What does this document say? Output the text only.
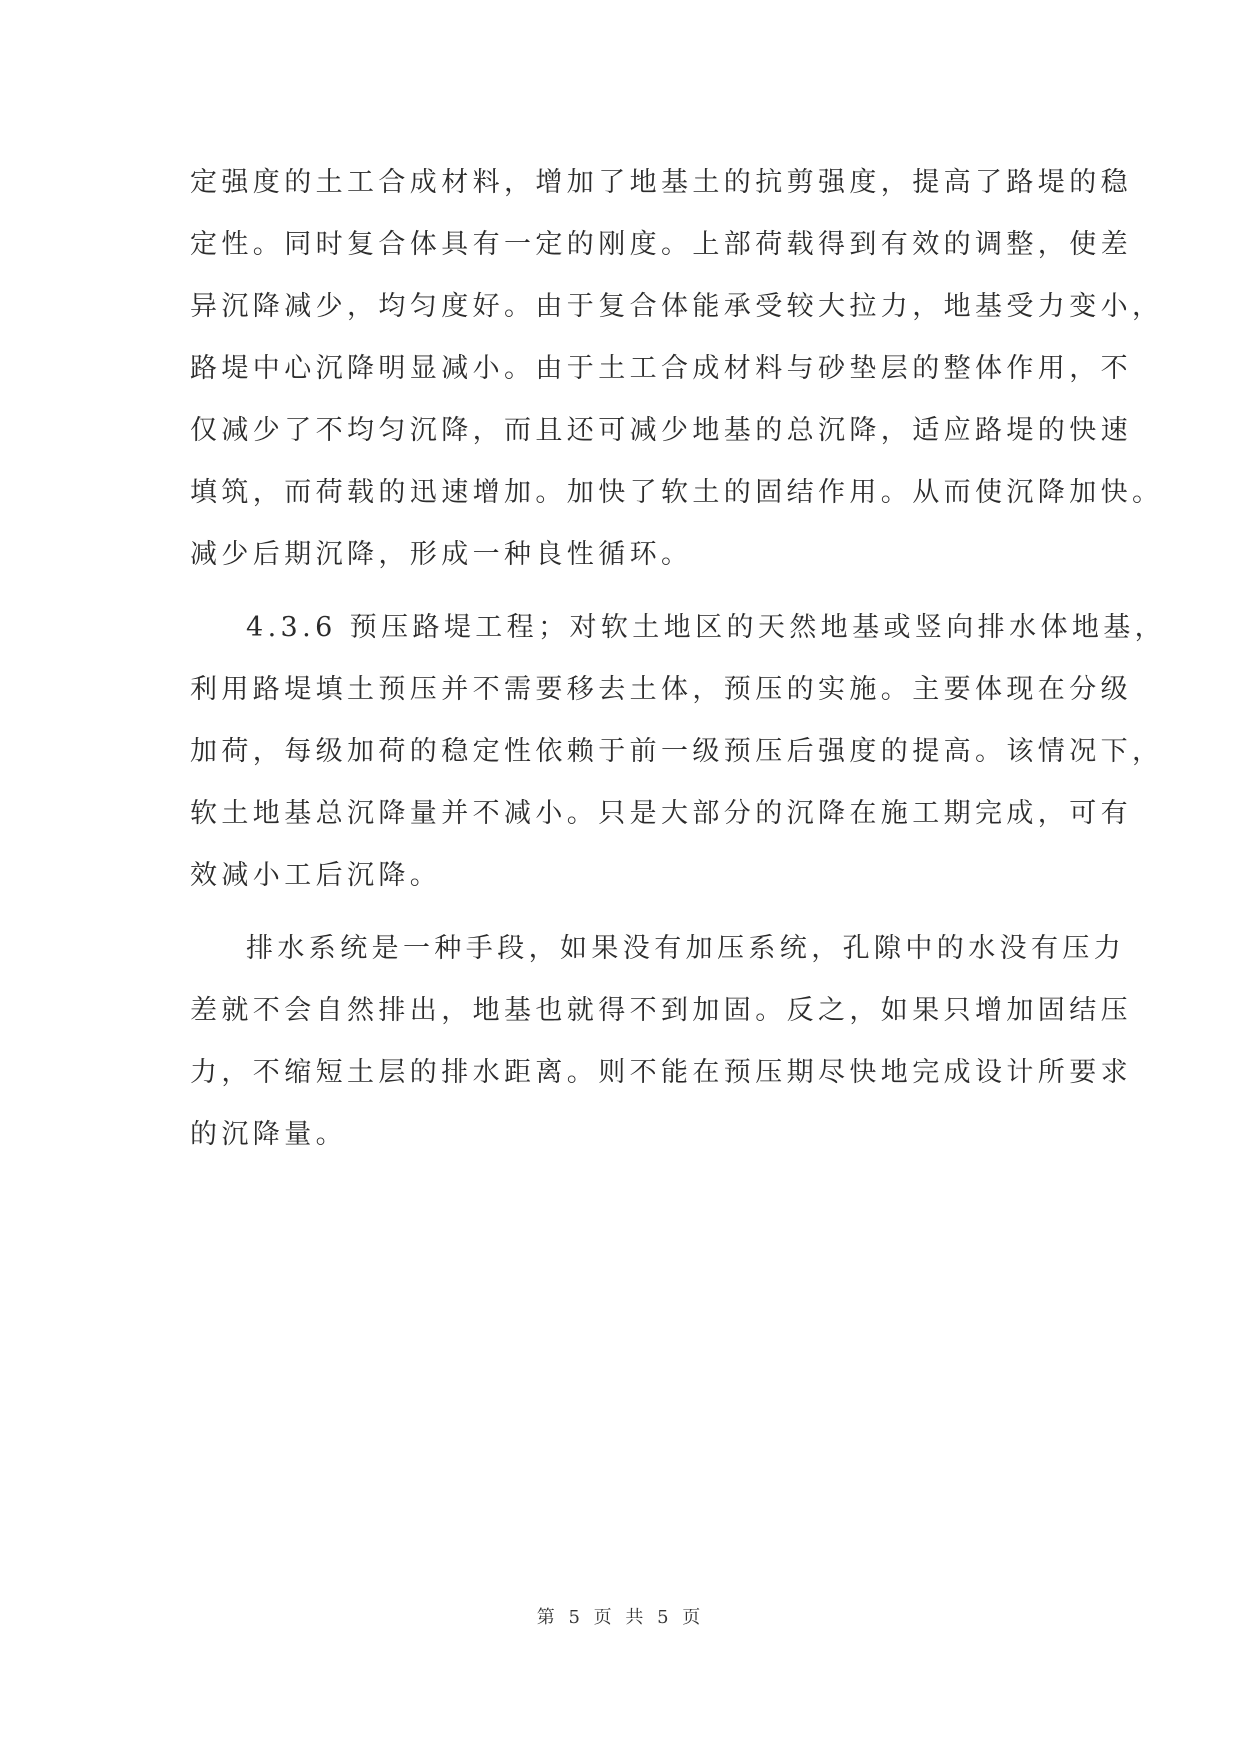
定强度的土工合成材料，增加了地基土的抗剪强度，提高了路堤的稳
定性。同时复合体具有一定的刚度。上部荷载得到有效的调整，使差
异沉降减少，均匀度好。由于复合体能承受较大拉力，地基受力变小，
路堤中心沉降明显减小。由于土工合成材料与砂垫层的整体作用，不
仅减少了不均匀沉降，而且还可减少地基的总沉降，适应路堤的快速
填筑，而荷载的迅速增加。加快了软土的固结作用。从而使沉降加快。
减少后期沉降，形成一种良性循环。
4.3.6 预压路堤工程；对软土地区的天然地基或竖向排水体地基，
利用路堤填土预压并不需要移去土体，预压的实施。主要体现在分级
加荷，每级加荷的稳定性依赖于前一级预压后强度的提高。该情况下，
软土地基总沉降量并不减小。只是大部分的沉降在施工期完成，可有
效减小工后沉降。
排水系统是一种手段，如果没有加压系统，孔隙中的水没有压力
差就不会自然排出，地基也就得不到加固。反之，如果只增加固结压
力，不缩短土层的排水距离。则不能在预压期尽快地完成设计所要求
的沉降量。
第 5 页 共 5 页
